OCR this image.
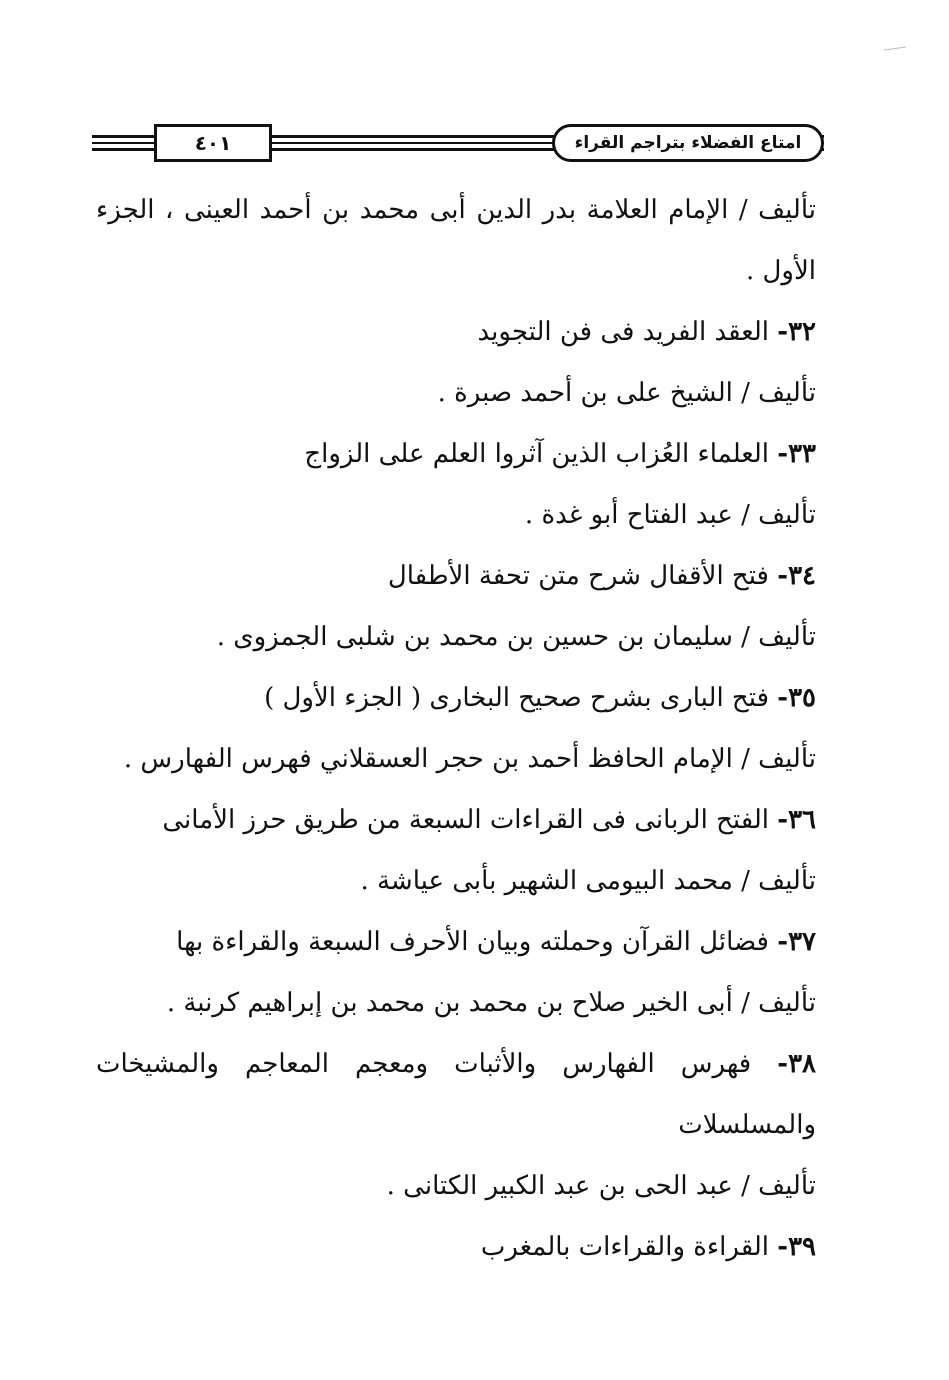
٤٠١	امتاع الفضلاء بتراجم القراء

تأليف / الإمام العلامة بدر الدين أبى محمد بن أحمد العينى ، الجزء الأول .

٣٢- العقد الفريد فى فن التجويد
تأليف / الشيخ على بن أحمد صبرة .
٣٣- العلماء العُزاب الذين آثروا العلم على الزواج
تأليف / عبد الفتاح أبو غدة .
٣٤- فتح الأقفال شرح متن تحفة الأطفال
تأليف / سليمان بن حسين بن محمد بن شلبى الجمزوى .
٣٥- فتح البارى بشرح صحيح البخارى ( الجزء الأول )
تأليف / الإمام الحافظ أحمد بن حجر العسقلاني فهرس الفهارس .
٣٦- الفتح الربانى فى القراءات السبعة من طريق حرز الأمانى
تأليف / محمد البيومى الشهير بأبى عياشة .
٣٧- فضائل القرآن وحملته وبيان الأحرف السبعة والقراءة بها
تأليف / أبى الخير صلاح بن محمد بن محمد بن إبراهيم كرنبة .
٣٨- فهرس الفهارس والأثبات ومعجم المعاجم والمشيخات والمسلسلات
تأليف / عبد الحى بن عبد الكبير الكتانى .
٣٩- القراءة والقراءات بالمغرب
